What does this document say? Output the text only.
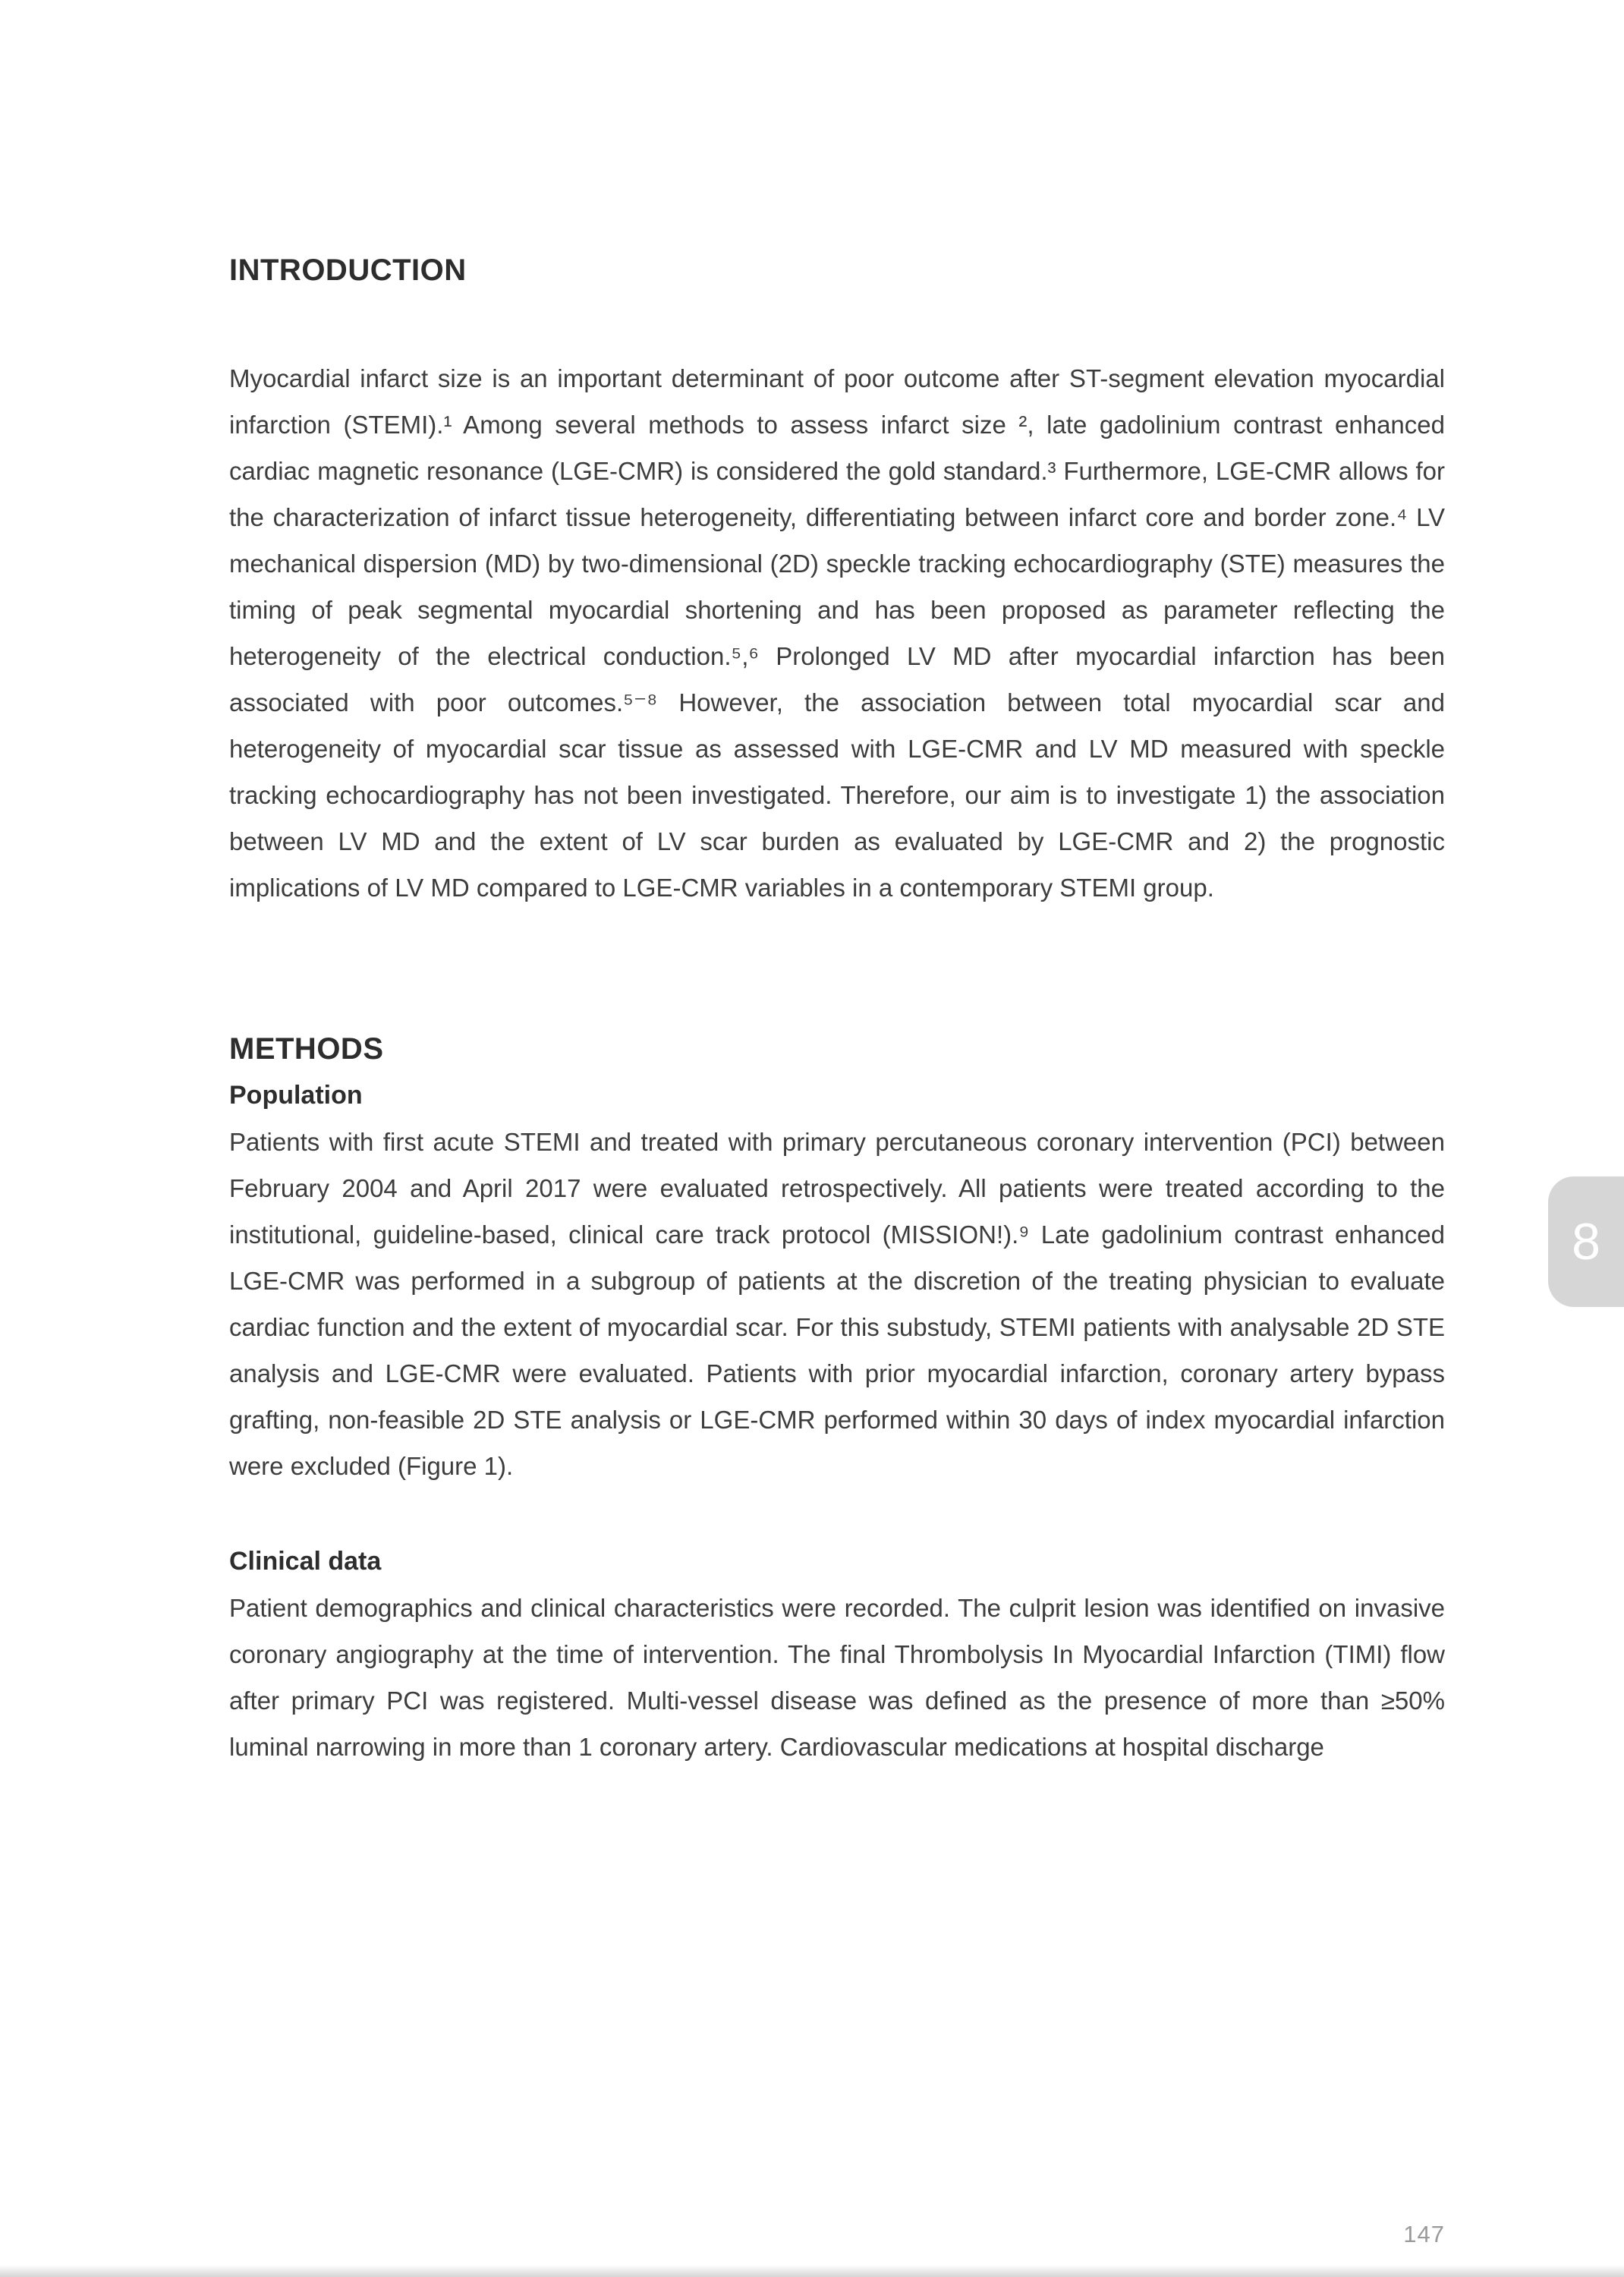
INTRODUCTION

Myocardial infarct size is an important determinant of poor outcome after ST-segment elevation myocardial infarction (STEMI).¹ Among several methods to assess infarct size ², late gadolinium contrast enhanced cardiac magnetic resonance (LGE-CMR) is considered the gold standard.³ Furthermore, LGE-CMR allows for the characterization of infarct tissue heterogeneity, differentiating between infarct core and border zone.⁴ LV mechanical dispersion (MD) by two-dimensional (2D) speckle tracking echocardiography (STE) measures the timing of peak segmental myocardial shortening and has been proposed as parameter reflecting the heterogeneity of the electrical conduction.⁵,⁶ Prolonged LV MD after myocardial infarction has been associated with poor outcomes.⁵⁻⁸ However, the association between total myocardial scar and heterogeneity of myocardial scar tissue as assessed with LGE-CMR and LV MD measured with speckle tracking echocardiography has not been investigated. Therefore, our aim is to investigate 1) the association between LV MD and the extent of LV scar burden as evaluated by LGE-CMR and 2) the prognostic implications of LV MD compared to LGE-CMR variables in a contemporary STEMI group.

METHODS
Population

Patients with first acute STEMI and treated with primary percutaneous coronary intervention (PCI) between February 2004 and April 2017 were evaluated retrospectively. All patients were treated according to the institutional, guideline-based, clinical care track protocol (MISSION!).⁹ Late gadolinium contrast enhanced LGE-CMR was performed in a subgroup of patients at the discretion of the treating physician to evaluate cardiac function and the extent of myocardial scar. For this substudy, STEMI patients with analysable 2D STE analysis and LGE-CMR were evaluated. Patients with prior myocardial infarction, coronary artery bypass grafting, non-feasible 2D STE analysis or LGE-CMR performed within 30 days of index myocardial infarction were excluded (Figure 1).

Clinical data

Patient demographics and clinical characteristics were recorded. The culprit lesion was identified on invasive coronary angiography at the time of intervention. The final Thrombolysis In Myocardial Infarction (TIMI) flow after primary PCI was registered. Multi-vessel disease was defined as the presence of more than ≥50% luminal narrowing in more than 1 coronary artery. Cardiovascular medications at hospital discharge

8
147
